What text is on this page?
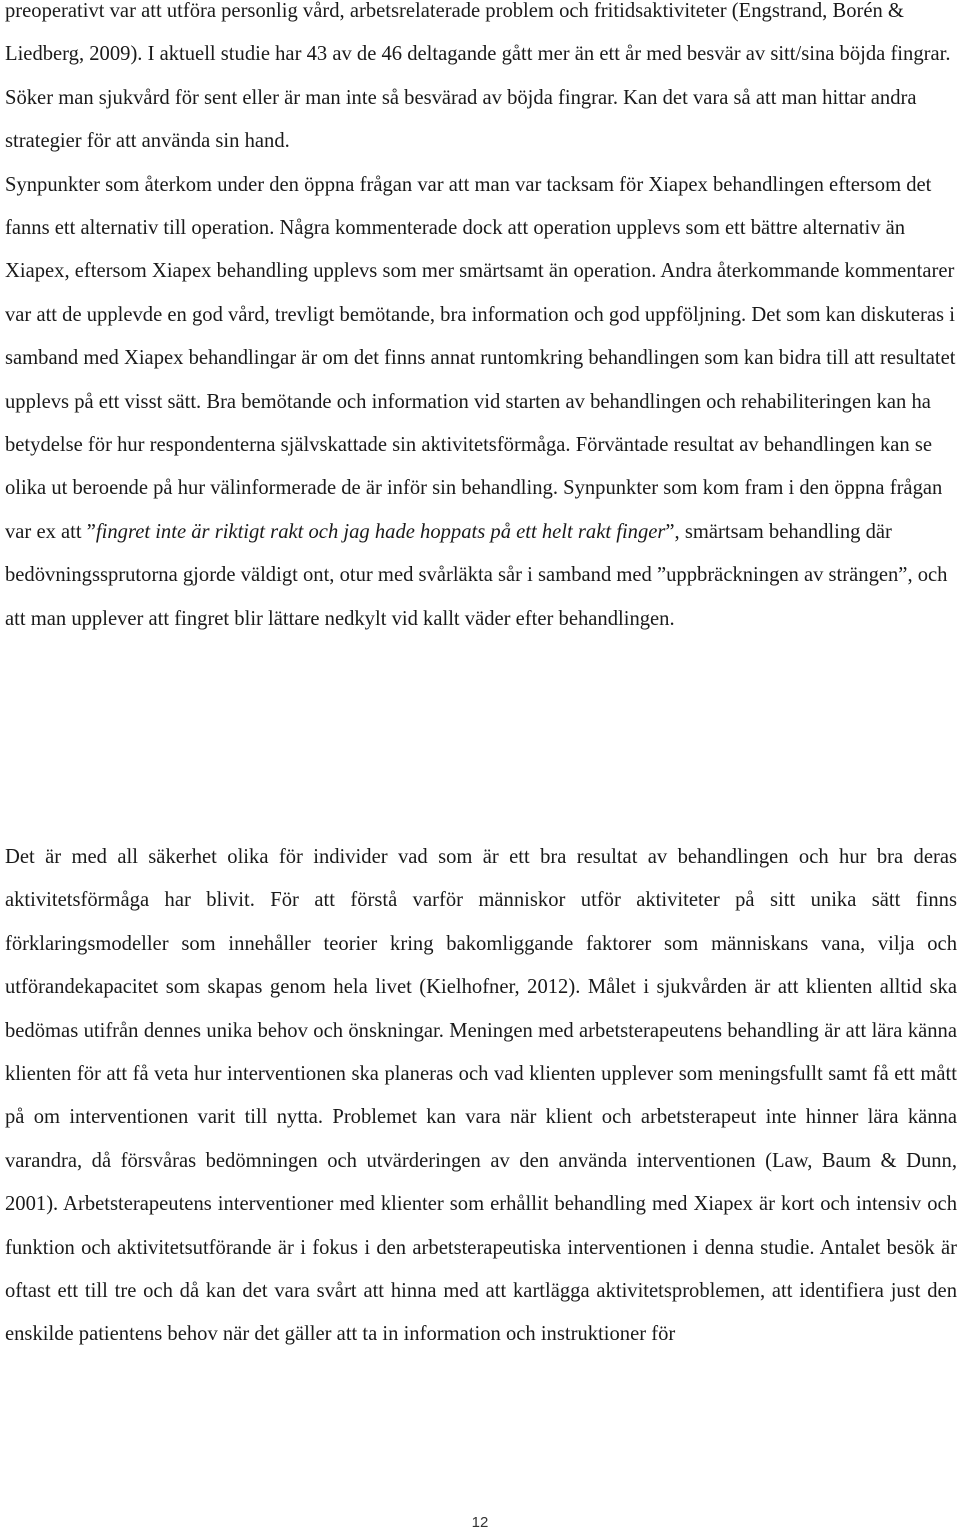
preoperativt var att utföra personlig vård, arbetsrelaterade problem och fritidsaktiviteter (Engstrand, Borén & Liedberg, 2009). I aktuell studie har 43 av de 46 deltagande gått mer än ett år med besvär av sitt/sina böjda fingrar. Söker man sjukvård för sent eller är man inte så besvärad av böjda fingrar. Kan det vara så att man hittar andra strategier för att använda sin hand.

Synpunkter som återkom under den öppna frågan var att man var tacksam för Xiapex behandlingen eftersom det fanns ett alternativ till operation. Några kommenterade dock att operation upplevs som ett bättre alternativ än Xiapex, eftersom Xiapex behandling upplevs som mer smärtsamt än operation. Andra återkommande kommentarer var att de upplevde en god vård, trevligt bemötande, bra information och god uppföljning. Det som kan diskuteras i samband med Xiapex behandlingar är om det finns annat runtomkring behandlingen som kan bidra till att resultatet upplevs på ett visst sätt. Bra bemötande och information vid starten av behandlingen och rehabiliteringen kan ha betydelse för hur respondenterna självskattade sin aktivitetsförmåga. Förväntade resultat av behandlingen kan se olika ut beroende på hur välinformerade de är inför sin behandling. Synpunkter som kom fram i den öppna frågan var ex att ”fingret inte är riktigt rakt och jag hade hoppats på ett helt rakt finger”, smärtsam behandling där bedövningssprutorna gjorde väldigt ont, otur med svårläkta sår i samband med ”uppbräckningen av strängen”, och att man upplever att fingret blir lättare nedkylt vid kallt väder efter behandlingen.

Det är med all säkerhet olika för individer vad som är ett bra resultat av behandlingen och hur bra deras aktivitetsförmåga har blivit. För att förstå varför människor utför aktiviteter på sitt unika sätt finns förklaringsmodeller som innehåller teorier kring bakomliggande faktorer som människans vana, vilja och utförandekapacitet som skapas genom hela livet (Kielhofner, 2012). Målet i sjukvården är att klienten alltid ska bedömas utifrån dennes unika behov och önskningar. Meningen med arbetsterapeutens behandling är att lära känna klienten för att få veta hur interventionen ska planeras och vad klienten upplever som meningsfullt samt få ett mått på om interventionen varit till nytta. Problemet kan vara när klient och arbetsterapeut inte hinner lära känna varandra, då försvåras bedömningen och utvärderingen av den använda interventionen (Law, Baum & Dunn, 2001). Arbetsterapeutens interventioner med klienter som erhållit behandling med Xiapex är kort och intensiv och funktion och aktivitetsutförande är i fokus i den arbetsterapeutiska interventionen i denna studie. Antalet besök är oftast ett till tre och då kan det vara svårt att hinna med att kartlägga aktivitetsproblemen, att identifiera just den enskilde patientens behov när det gäller att ta in information och instruktioner för

12
